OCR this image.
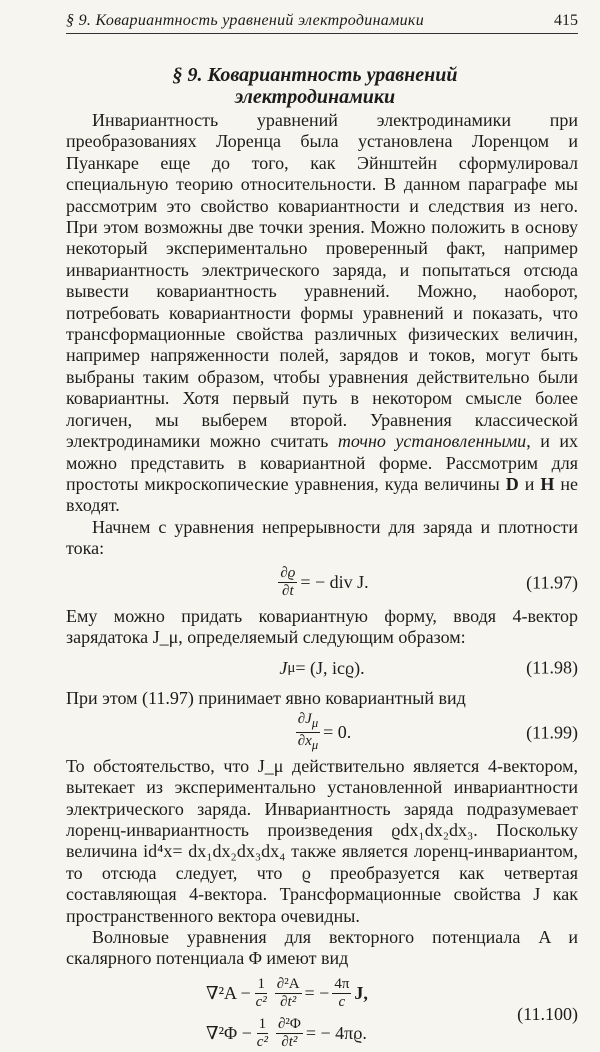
§ 9. Ковариантность уравнений электродинамики	415
§ 9. Ковариантность уравнений
электродинамики

Инвариантность уравнений электродинамики при преобразованиях Лоренца была установлена Лоренцом и Пуанкаре еще до того, как Эйнштейн сформулировал специальную теорию относительности. В данном параграфе мы рассмотрим это свойство ковариантности и следствия из него. При этом возможны две точки зрения. Можно положить в основу некоторый экспериментально проверенный факт, например инвариантность электрического заряда, и попытаться отсюда вывести ковариантность уравнений. Можно, наоборот, потребовать ковариантности формы уравнений и показать, что трансформационные свойства различных физических величин, например напряженности полей, зарядов и токов, могут быть выбраны таким образом, чтобы уравнения действительно были ковариантны. Хотя первый путь в некотором смысле более логичен, мы выберем второй. Уравнения классической электродинамики можно считать точно установленными, и их можно представить в ковариантной форме. Рассмотрим для простоты микроскопические уравнения, куда величины D и H не входят.

Начнем с уравнения непрерывности для заряда и плотности тока:

$\frac{\partial ϱ}{\partial t}$ = − div J.	(11.97)

Ему можно придать ковариантную форму, вводя 4-вектор зарядатока J_μ, определяемый следующим образом:

J μ = (J, icϱ).	(11.98)

При этом (11.97) принимает явно ковариантный вид

$\frac{\partial J_\mu}{\partial x_\mu} = 0$.	(11.99)

То обстоятельство, что J_μ действительно является 4-вектором, вытекает из экспериментально установленной инвариантности электрического заряда. Инвариантность заряда подразумевает лоренц-инвариантность произведения ϱdx₁dx₂dx₃. Поскольку величина id⁴x= dx₁dx₂dx₃dx₄ также является лоренц-инвариантом, то отсюда следует, что ϱ преобразуется как четвертая составляющая 4-вектора. Трансформационные свойства J как пространственного вектора очевидны.

Волновые уравнения для векторного потенциала A и скалярного потенциала Φ имеют вид

$\nabla^2A - \frac{1}{\text{c²}} \frac{\text{∂²A}}{\text{∂t²}}$ = − $\frac{4\pi}{c} J$,
$\nabla^2\Phi - \frac{1}{\text{c²}} \frac{\text{∂²Φ}}{\text{∂t²}}$ = − 4πϱ.
(11.100)
